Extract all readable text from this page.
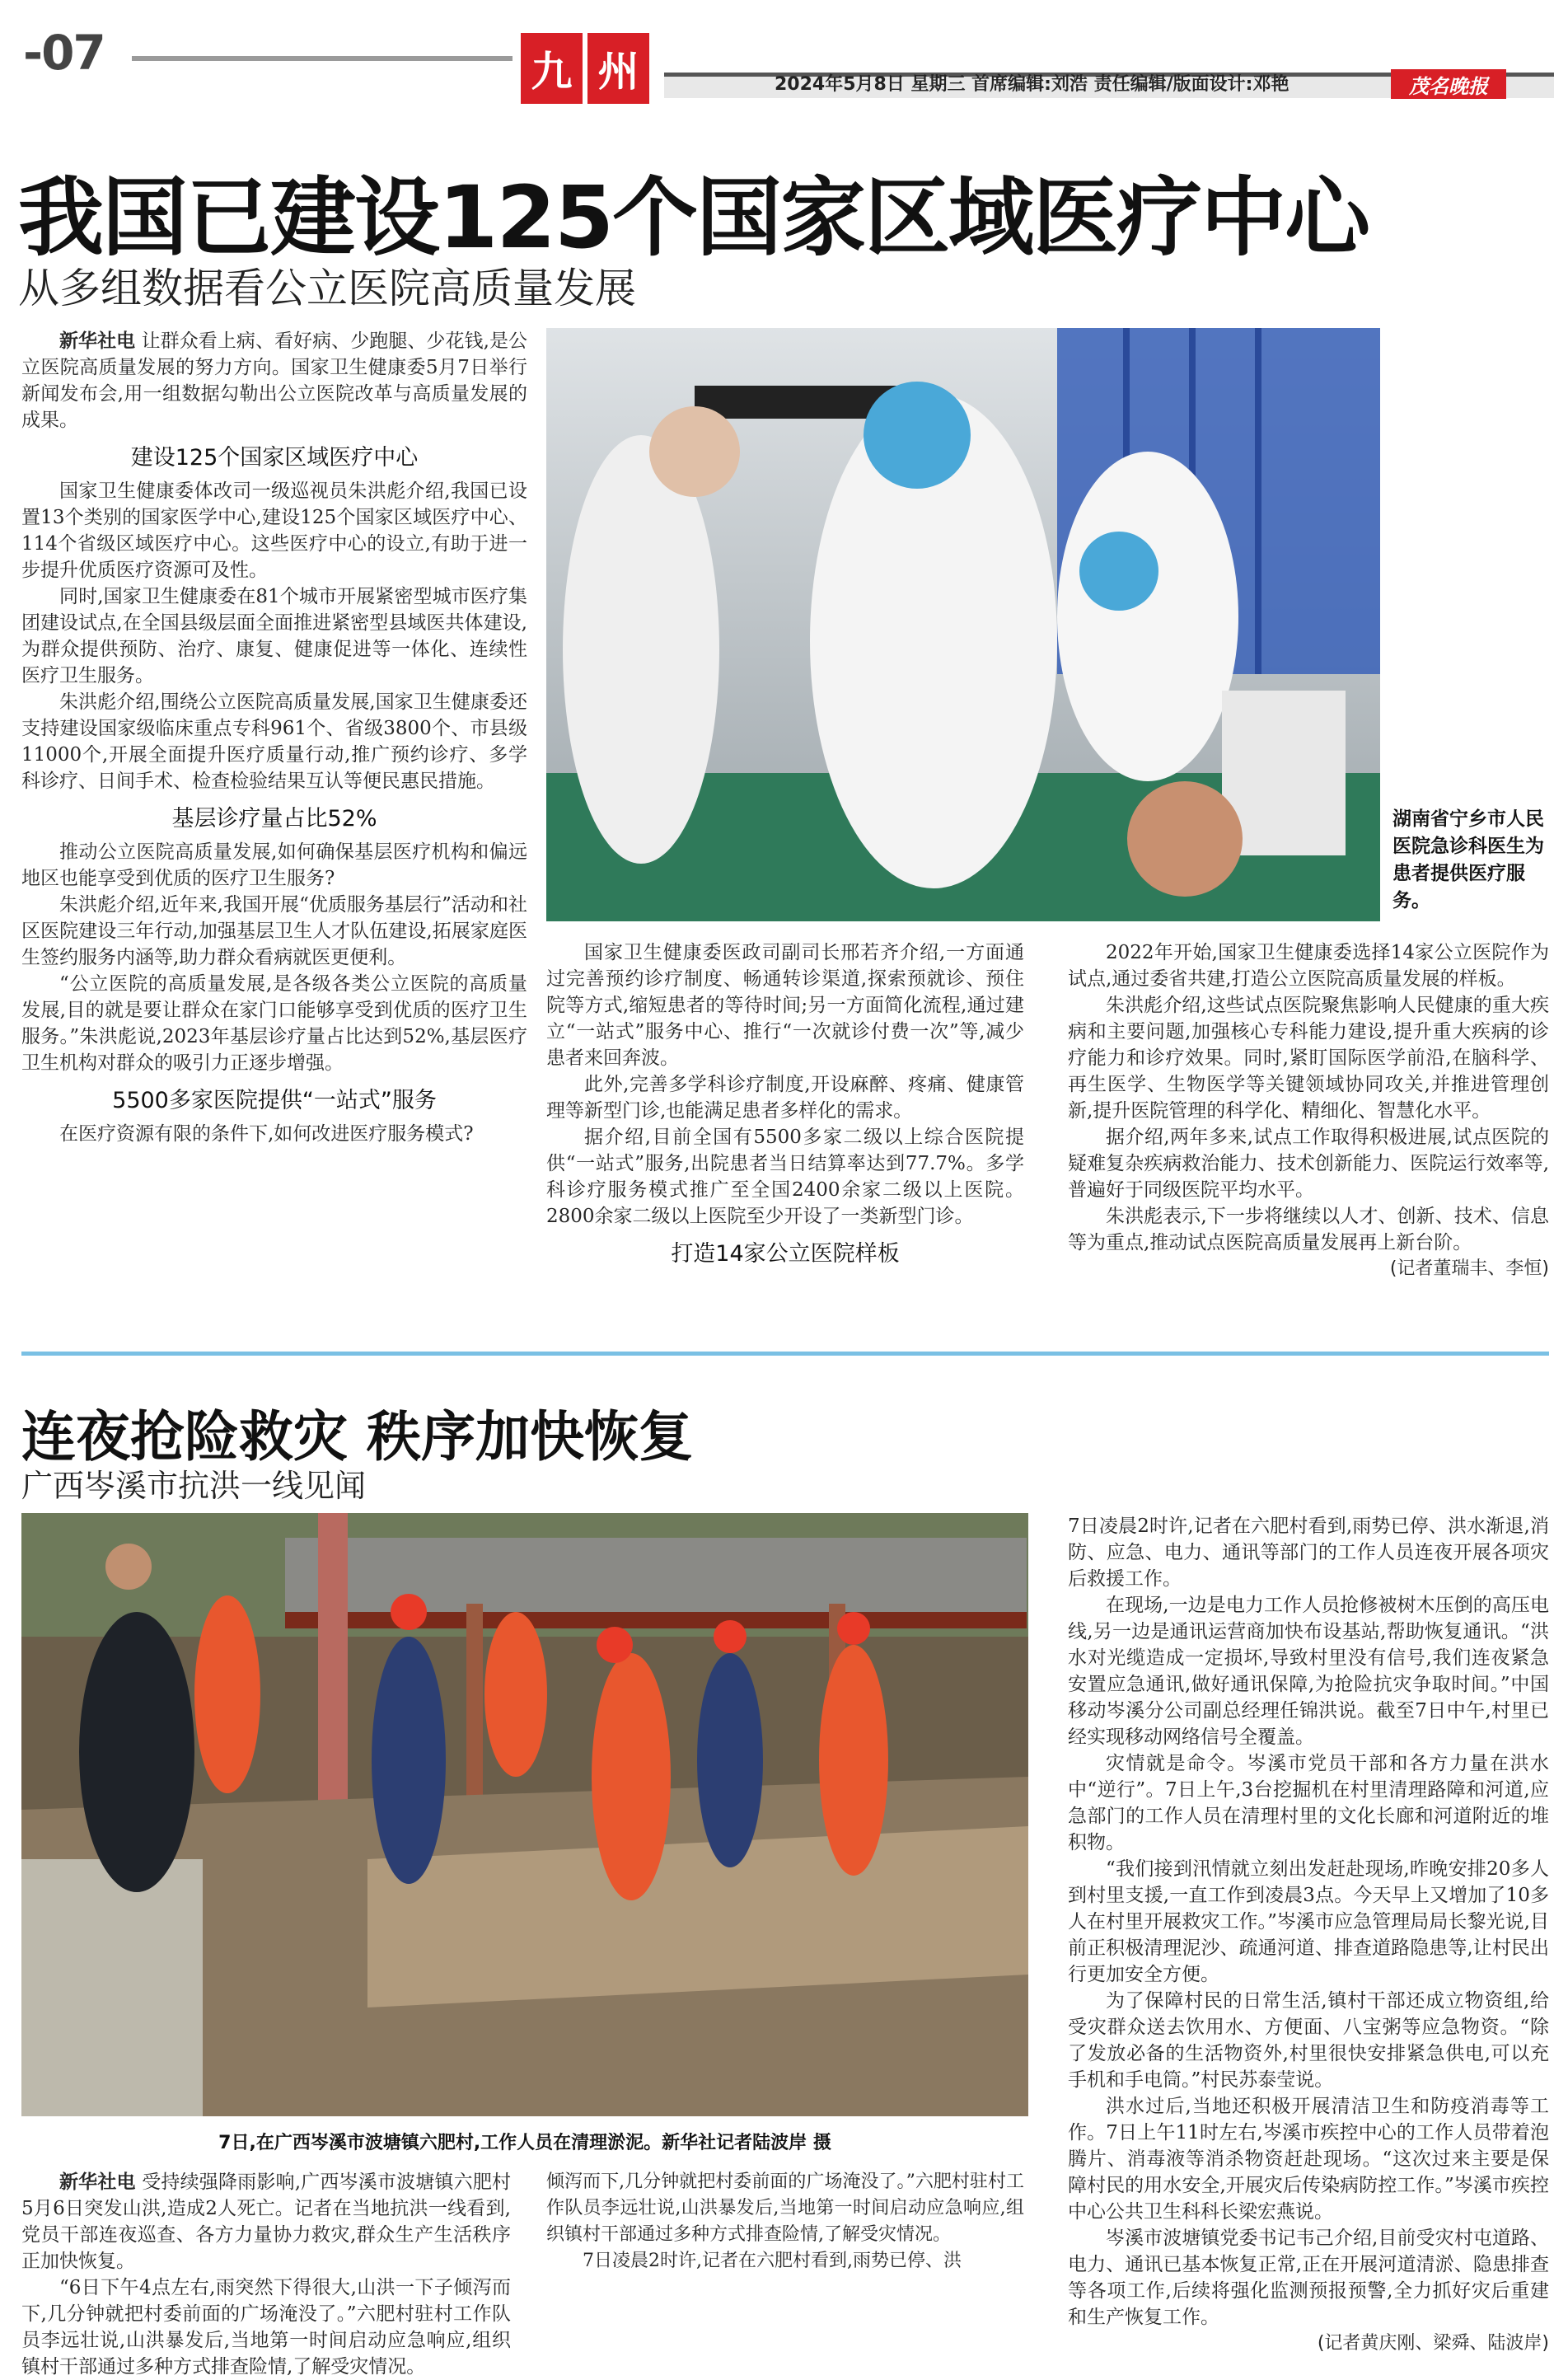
-07	九 州	2024年5月8日 星期三 首席编辑:刘浩 责任编辑/版面设计:邓艳	茂名晚报
我国已建设125个国家区域医疗中心
从多组数据看公立医院高质量发展
湖南省宁乡市人民医院急诊科医生为患者提供医疗服务。

新华社电 让群众看上病、看好病、少跑腿、少花钱,是公立医院高质量发展的努力方向。国家卫生健康委5月7日举行新闻发布会,用一组数据勾勒出公立医院改革与高质量发展的成果。

建设125个国家区域医疗中心

国家卫生健康委体改司一级巡视员朱洪彪介绍,我国已设置13个类别的国家医学中心,建设125个国家区域医疗中心、114个省级区域医疗中心。这些医疗中心的设立,有助于进一步提升优质医疗资源可及性。

同时,国家卫生健康委在81个城市开展紧密型城市医疗集团建设试点,在全国县级层面全面推进紧密型县域医共体建设,为群众提供预防、治疗、康复、健康促进等一体化、连续性医疗卫生服务。

朱洪彪介绍,围绕公立医院高质量发展,国家卫生健康委还支持建设国家级临床重点专科961个、省级3800个、市县级11000个,开展全面提升医疗质量行动,推广预约诊疗、多学科诊疗、日间手术、检查检验结果互认等便民惠民措施。

基层诊疗量占比52%

推动公立医院高质量发展,如何确保基层医疗机构和偏远地区也能享受到优质的医疗卫生服务?

朱洪彪介绍,近年来,我国开展“优质服务基层行”活动和社区医院建设三年行动,加强基层卫生人才队伍建设,拓展家庭医生签约服务内涵等,助力群众看病就医更便利。

“公立医院的高质量发展,是各级各类公立医院的高质量发展,目的就是要让群众在家门口能够享受到优质的医疗卫生服务。”朱洪彪说,2023年基层诊疗量占比达到52%,基层医疗卫生机构对群众的吸引力正逐步增强。

5500多家医院提供“一站式”服务

在医疗资源有限的条件下,如何改进医疗服务模式?

国家卫生健康委医政司副司长邢若齐介绍,一方面通过完善预约诊疗制度、畅通转诊渠道,探索预就诊、预住院等方式,缩短患者的等待时间;另一方面简化流程,通过建立“一站式”服务中心、推行“一次就诊付费一次”等,减少患者来回奔波。

此外,完善多学科诊疗制度,开设麻醉、疼痛、健康管理等新型门诊,也能满足患者多样化的需求。

据介绍,目前全国有5500多家二级以上综合医院提供“一站式”服务,出院患者当日结算率达到77.7%。多学科诊疗服务模式推广至全国2400余家二级以上医院。2800余家二级以上医院至少开设了一类新型门诊。

打造14家公立医院样板

2022年开始,国家卫生健康委选择14家公立医院作为试点,通过委省共建,打造公立医院高质量发展的样板。

朱洪彪介绍,这些试点医院聚焦影响人民健康的重大疾病和主要问题,加强核心专科能力建设,提升重大疾病的诊疗能力和诊疗效果。同时,紧盯国际医学前沿,在脑科学、再生医学、生物医学等关键领域协同攻关,并推进管理创新,提升医院管理的科学化、精细化、智慧化水平。

据介绍,两年多来,试点工作取得积极进展,试点医院的疑难复杂疾病救治能力、技术创新能力、医院运行效率等,普遍好于同级医院平均水平。

朱洪彪表示,下一步将继续以人才、创新、技术、信息等为重点,推动试点医院高质量发展再上新台阶。

(记者董瑞丰、李恒)
连夜抢险救灾 秩序加快恢复
广西岑溪市抗洪一线见闻
7日,在广西岑溪市波塘镇六肥村,工作人员在清理淤泥。新华社记者陆波岸 摄

7日凌晨2时许,记者在六肥村看到,雨势已停、洪水渐退,消防、应急、电力、通讯等部门的工作人员连夜开展各项灾后救援工作。

在现场,一边是电力工作人员抢修被树木压倒的高压电线,另一边是通讯运营商加快布设基站,帮助恢复通讯。“洪水对光缆造成一定损坏,导致村里没有信号,我们连夜紧急安置应急通讯,做好通讯保障,为抢险抗灾争取时间。”中国移动岑溪分公司副总经理任锦洪说。截至7日中午,村里已经实现移动网络信号全覆盖。

灾情就是命令。岑溪市党员干部和各方力量在洪水中“逆行”。7日上午,3台挖掘机在村里清理路障和河道,应急部门的工作人员在清理村里的文化长廊和河道附近的堆积物。

“我们接到汛情就立刻出发赶赴现场,昨晚安排20多人到村里支援,一直工作到凌晨3点。今天早上又增加了10多人在村里开展救灾工作。”岑溪市应急管理局局长黎光说,目前正积极清理泥沙、疏通河道、排查道路隐患等,让村民出行更加安全方便。

为了保障村民的日常生活,镇村干部还成立物资组,给受灾群众送去饮用水、方便面、八宝粥等应急物资。“除了发放必备的生活物资外,村里很快安排紧急供电,可以充手机和手电筒。”村民苏泰莹说。

洪水过后,当地还积极开展清洁卫生和防疫消毒等工作。7日上午11时左右,岑溪市疾控中心的工作人员带着泡腾片、消毒液等消杀物资赶赴现场。“这次过来主要是保障村民的用水安全,开展灾后传染病防控工作。”岑溪市疾控中心公共卫生科科长梁宏燕说。

岑溪市波塘镇党委书记韦己介绍,目前受灾村屯道路、电力、通讯已基本恢复正常,正在开展河道清淤、隐患排查等各项工作,后续将强化监测预报预警,全力抓好灾后重建和生产恢复工作。

(记者黄庆刚、梁舜、陆波岸)

新华社电 受持续强降雨影响,广西岑溪市波塘镇六肥村5月6日突发山洪,造成2人死亡。记者在当地抗洪一线看到,党员干部连夜巡查、各方力量协力救灾,群众生产生活秩序正加快恢复。

“6日下午4点左右,雨突然下得很大,山洪一下子倾泻而下,几分钟就把村委前面的广场淹没了。”六肥村驻村工作队员李远壮说,山洪暴发后,当地第一时间启动应急响应,组织镇村干部通过多种方式排查险情,了解受灾情况。

倾泻而下,几分钟就把村委前面的广场淹没了。”六肥村驻村工作队员李远壮说,山洪暴发后,当地第一时间启动应急响应,组织镇村干部通过多种方式排查险情,了解受灾情况。

7日凌晨2时许,记者在六肥村看到,雨势已停、洪
